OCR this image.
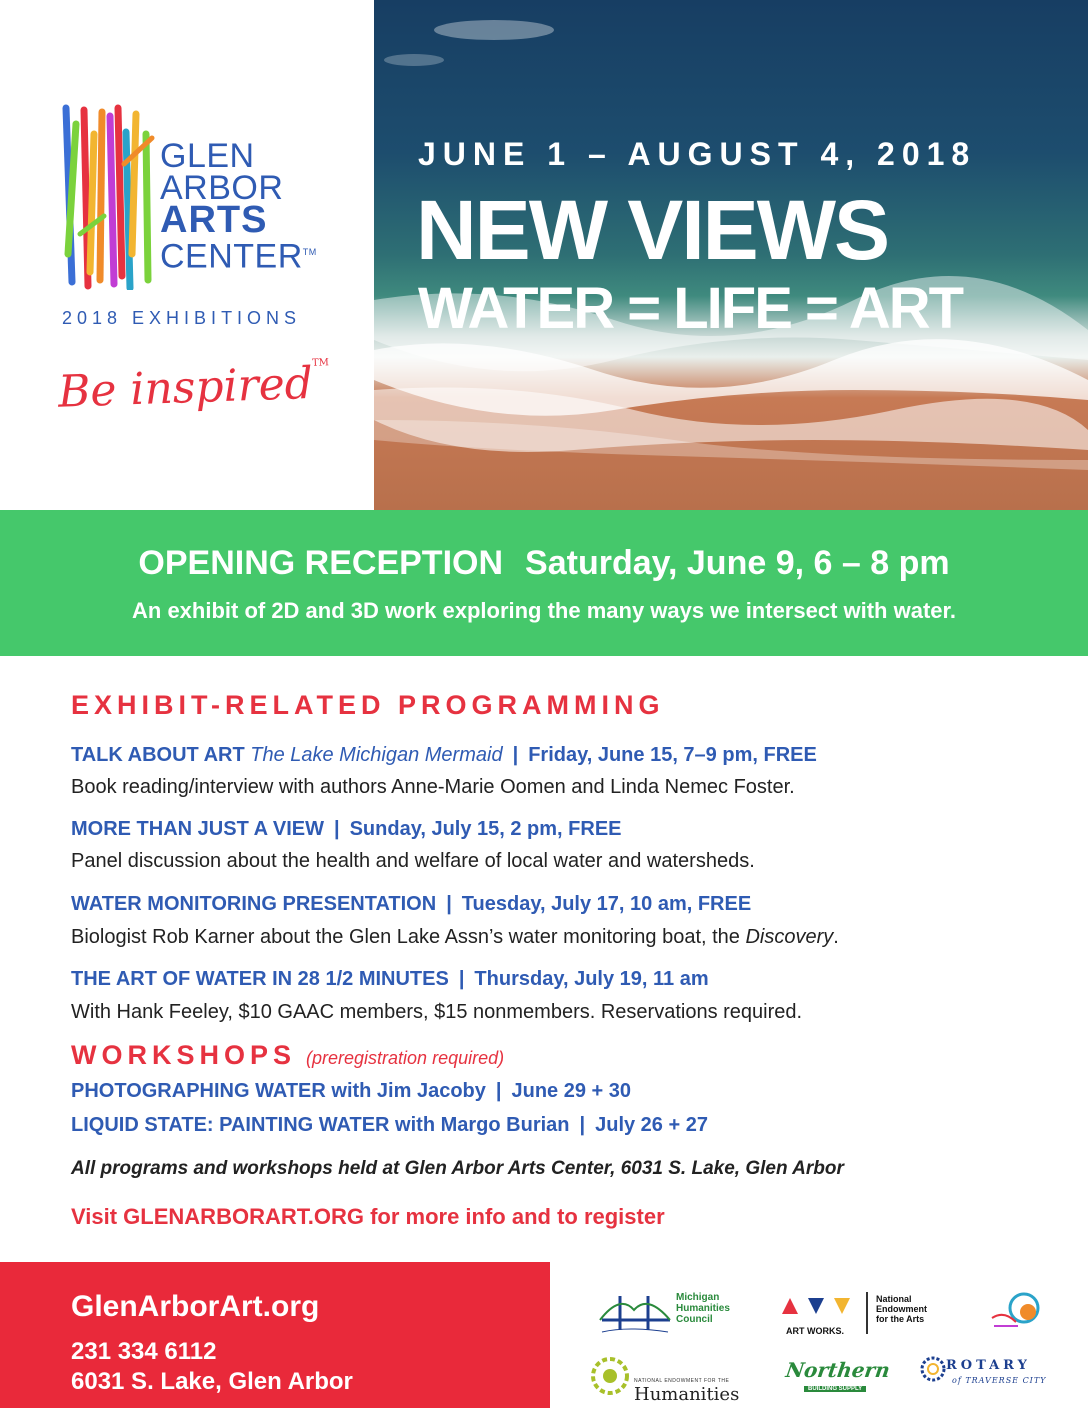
GLEN
ARBOR
ARTS
CENTER™
2018 EXHIBITIONS
Be inspired™
JUNE 1 – AUGUST 4, 2018
NEW VIEWS
WATER = LIFE = ART
OPENING RECEPTION Saturday, June 9, 6 – 8 pm
An exhibit of 2D and 3D work exploring the many ways we intersect with water.
EXHIBIT-RELATED PROGRAMMING
TALK ABOUT ART The Lake Michigan Mermaid | Friday, June 15, 7–9 pm, FREE
Book reading/interview with authors Anne-Marie Oomen and Linda Nemec Foster.
MORE THAN JUST A VIEW | Sunday, July 15, 2 pm, FREE
Panel discussion about the health and welfare of local water and watersheds.
WATER MONITORING PRESENTATION | Tuesday, July 17, 10 am, FREE
Biologist Rob Karner about the Glen Lake Assn’s water monitoring boat, the Discovery.
THE ART OF WATER IN 28 1/2 MINUTES | Thursday, July 19, 11 am
With Hank Feeley, $10 GAAC members, $15 nonmembers. Reservations required.
WORKSHOPS (preregistration required)
PHOTOGRAPHING WATER with Jim Jacoby | June 29 + 30
LIQUID STATE: PAINTING WATER with Margo Burian | July 26 + 27
All programs and workshops held at Glen Arbor Arts Center, 6031 S. Lake, Glen Arbor
Visit GLENARBORART.ORG for more info and to register
GlenArborArt.org
231 334 6112
6031 S. Lake, Glen Arbor
Michigan
Humanities
Council
ART WORKS.
National
Endowment
for the Arts
NATIONAL ENDOWMENT FOR THE
Humanities
Northern
BUILDING SUPPLY
ROTARY
of TRAVERSE CITY
